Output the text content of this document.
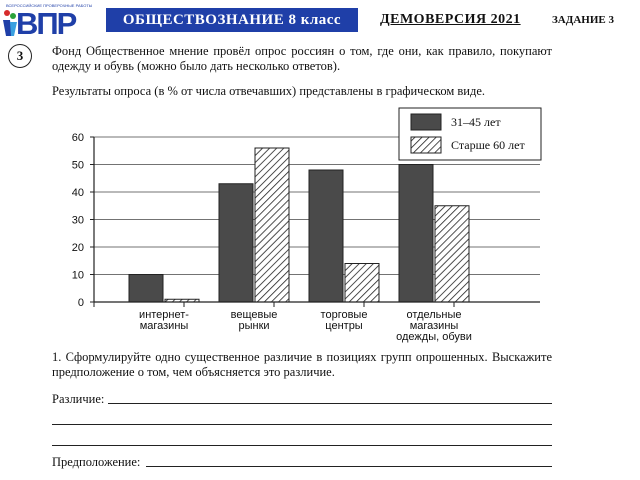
ВСЕРОССИЙСКИЕ ПРОВЕРОЧНЫЕ РАБОТЫ
ВПР	ОБЩЕСТВОЗНАНИЕ 8 класс	ДЕМОВЕРСИЯ 2021	ЗАДАНИЕ 3
3	Фонд Общественное мнение провёл опрос россиян о том, где они, как правило, покупают одежду и обувь (можно было дать несколько ответов).
Результаты опроса (в % от числа отвечавших) представлены в графическом виде.
0
10
20
30
40
50
60
интернет-
магазины
вещевые
рынки
торговые
центры
отдельные
магазины
одежды, обуви
31–45 лет
Старше 60 лет
1. Сформулируйте одно существенное различие в позициях групп опрошенных. Выскажите предположение о том, чем объясняется это различие.
Различие:
Предположение:
